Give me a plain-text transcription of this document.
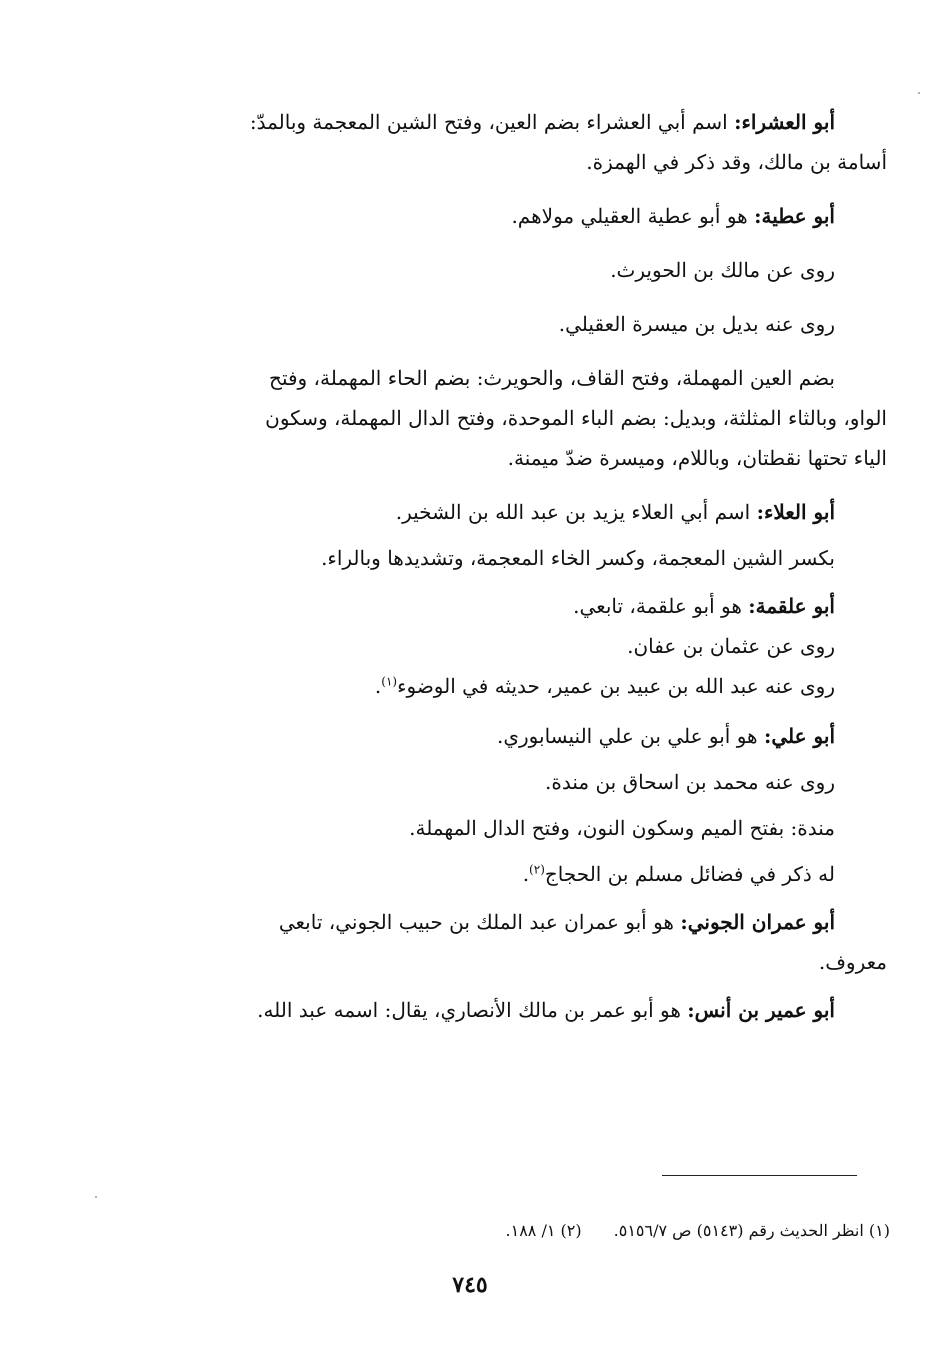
أبو العشراء: اسم أبي العشراء بضم العين، وفتح الشين المعجمة وبالمدّ:
أسامة بن مالك، وقد ذكر في الهمزة.
أبو عطية: هو أبو عطية العقيلي مولاهم.
روى عن مالك بن الحويرث.
روى عنه بديل بن ميسرة العقيلي.
بضم العين المهملة، وفتح القاف، والحويرث: بضم الحاء المهملة، وفتح
الواو، وبالثاء المثلثة، وبديل: بضم الباء الموحدة، وفتح الدال المهملة، وسكون
الياء تحتها نقطتان، وباللام، وميسرة ضدّ ميمنة.
أبو العلاء: اسم أبي العلاء يزيد بن عبد الله بن الشخير.
بكسر الشين المعجمة، وكسر الخاء المعجمة، وتشديدها وبالراء.
أبو علقمة: هو أبو علقمة، تابعي.
روى عن عثمان بن عفان.
روى عنه عبد الله بن عبيد بن عمير، حديثه في الوضوء$^{(١)}$.
أبو علي: هو أبو علي بن علي النيسابوري.
روى عنه محمد بن اسحاق بن مندة.
مندة: بفتح الميم وسكون النون، وفتح الدال المهملة.
له ذكر في فضائل مسلم بن الحجاج$^{(٢)}$.
أبو عمران الجوني: هو أبو عمران عبد الملك بن حبيب الجوني، تابعي
معروف.
أبو عمير بن أنس: هو أبو عمر بن مالك الأنصاري، يقال: اسمه عبد الله.
(١) انظر الحديث رقم (٥١٤٣) ص ٥١٥٦/٧.(٢) ١/ ١٨٨.
٧٤٥
